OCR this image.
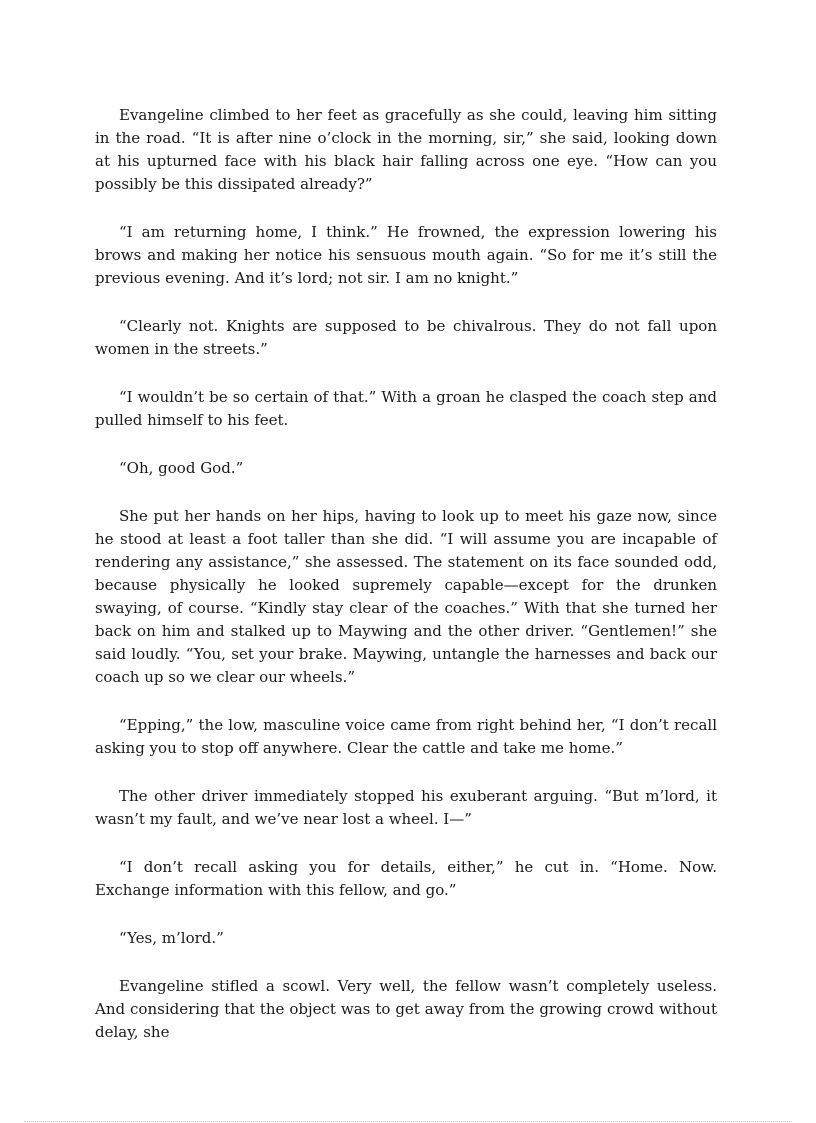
Evangeline climbed to her feet as gracefully as she could, leaving him sitting in the road. “It is after nine o’clock in the morning, sir,” she said, looking down at his upturned face with his black hair falling across one eye. “How can you possibly be this dissipated already?”

“I am returning home, I think.” He frowned, the expression lowering his brows and making her notice his sensuous mouth again. “So for me it’s still the previous evening. And it’s lord; not sir. I am no knight.”

“Clearly not. Knights are supposed to be chivalrous. They do not fall upon women in the streets.”

“I wouldn’t be so certain of that.” With a groan he clasped the coach step and pulled himself to his feet.

“Oh, good God.”

She put her hands on her hips, having to look up to meet his gaze now, since he stood at least a foot taller than she did. “I will assume you are incapable of rendering any assistance,” she assessed. The statement on its face sounded odd, because physically he looked supremely capable—except for the drunken swaying, of course. “Kindly stay clear of the coaches.” With that she turned her back on him and stalked up to Maywing and the other driver. “Gentlemen!” she said loudly. “You, set your brake. Maywing, untangle the harnesses and back our coach up so we clear our wheels.”

“Epping,” the low, masculine voice came from right behind her, “I don’t recall asking you to stop off anywhere. Clear the cattle and take me home.”

The other driver immediately stopped his exuberant arguing. “But m’lord, it wasn’t my fault, and we’ve near lost a wheel. I—”

“I don’t recall asking you for details, either,” he cut in. “Home. Now. Exchange information with this fellow, and go.”

“Yes, m’lord.”

Evangeline stifled a scowl. Very well, the fellow wasn’t completely useless. And considering that the object was to get away from the growing crowd without delay, she
